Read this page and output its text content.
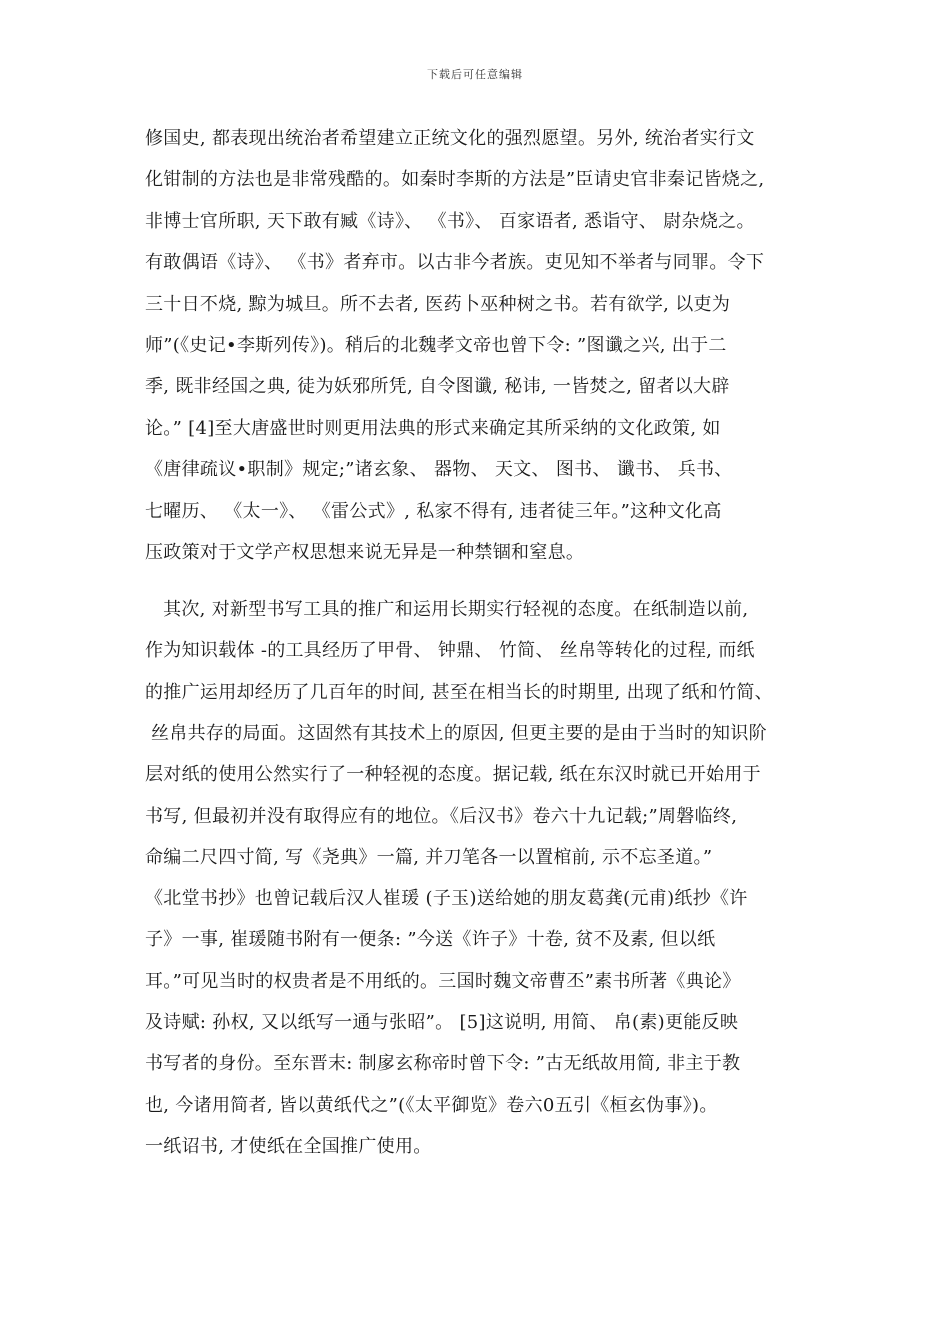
下载后可任意编辑
修国史, 都表现出统治者希望建立正统文化的强烈愿望。另外, 统治者实行文
化钳制的方法也是非常残酷的。如秦时李斯的方法是”臣请史官非秦记皆烧之,
非博士官所职, 天下敢有臧《诗》、 《书》、 百家语者, 悉诣守、 尉杂烧之。
有敢偶语《诗》、 《书》者弃市。以古非今者族。吏见知不举者与同罪。令下
三十日不烧, 黥为城旦。所不去者, 医药卜巫种树之书。若有欲学, 以吏为
师”(《史记•李斯列传》)。稍后的北魏孝文帝也曾下令: ”图谶之兴, 出于二
季, 既非经国之典, 徒为妖邪所凭, 自令图谶, 秘讳, 一皆焚之, 留者以大辟
论。” [4]至大唐盛世时则更用法典的形式来确定其所采纳的文化政策, 如
《唐律疏议•职制》规定;”诸玄象、 器物、 天文、 图书、 谶书、 兵书、
七曜历、 《太一》、 《雷公式》, 私家不得有, 违者徒三年。”这种文化高
压政策对于文学产权思想来说无异是一种禁锢和窒息。
其次, 对新型书写工具的推广和运用长期实行轻视的态度。在纸制造以前,
作为知识载体 -的工具经历了甲骨、 钟鼎、 竹简、 丝帛等转化的过程, 而纸
的推广运用却经历了几百年的时间, 甚至在相当长的时期里, 出现了纸和竹简、
丝帛共存的局面。这固然有其技术上的原因, 但更主要的是由于当时的知识阶
层对纸的使用公然实行了一种轻视的态度。据记载, 纸在东汉时就已开始用于
书写, 但最初并没有取得应有的地位。《后汉书》卷六十九记载;”周磐临终,
命编二尺四寸简, 写《尧典》一篇, 并刀笔各一以置棺前, 示不忘圣道。”
《北堂书抄》也曾记载后汉人崔瑗 (子玉)送给她的朋友葛龚(元甫)纸抄《许
子》一事, 崔瑗随书附有一便条: ”今送《许子》十卷, 贫不及素, 但以纸
耳。”可见当时的权贵者是不用纸的。三国时魏文帝曹丕”素书所著《典论》
及诗赋: 孙权, 又以纸写一通与张昭”。 [5]这说明, 用简、 帛(素)更能反映
书写者的身份。至东晋末: 制扅玄称帝时曾下令: ”古无纸故用简, 非主于教
也, 今诸用简者, 皆以黄纸代之”(《太平御览》卷六0五引《桓玄伪事》)。
一纸诏书, 才使纸在全国推广使用。
